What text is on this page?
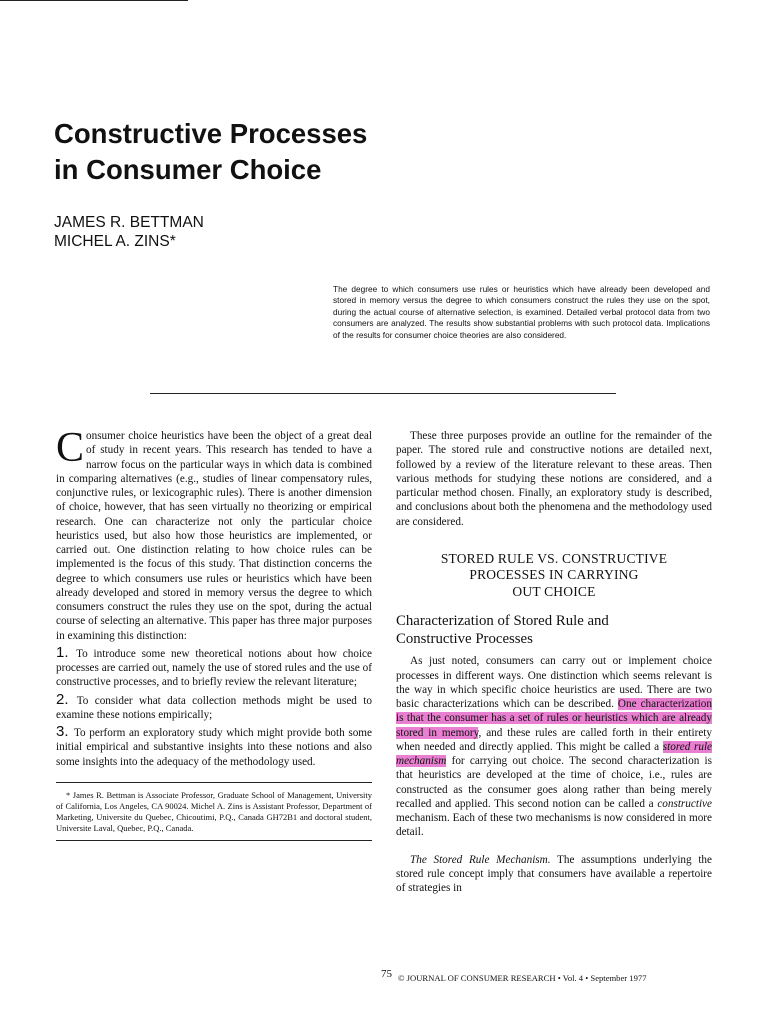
Constructive Processes
in Consumer Choice
JAMES R. BETTMAN
MICHEL A. ZINS*

The degree to which consumers use rules or heuristics which have already been developed and stored in memory versus the degree to which consumers construct the rules they use on the spot, during the actual course of alternative selection, is examined. Detailed verbal protocol data from two consumers are analyzed. The results show substantial problems with such protocol data. Implications of the results for consumer choice theories are also considered.

Consumer choice heuristics have been the object of a great deal of study in recent years. This research has tended to have a narrow focus on the particular ways in which data is combined in comparing alternatives (e.g., studies of linear compensatory rules, conjunctive rules, or lexicographic rules). There is another dimension of choice, however, that has seen virtually no theorizing or empirical research. One can characterize not only the particular choice heuristics used, but also how those heuristics are implemented, or carried out. One distinction relating to how choice rules can be implemented is the focus of this study. That distinction concerns the degree to which consumers use rules or heuristics which have been already developed and stored in memory versus the degree to which consumers construct the rules they use on the spot, during the actual course of selecting an alternative. This paper has three major purposes in examining this distinction:

1. To introduce some new theoretical notions about how choice processes are carried out, namely the use of stored rules and the use of constructive processes, and to briefly review the relevant literature;

2. To consider what data collection methods might be used to examine these notions empirically;

3. To perform an exploratory study which might provide both some initial empirical and substantive insights into these notions and also some insights into the adequacy of the methodology used.

* James R. Bettman is Associate Professor, Graduate School of Management, University of California, Los Angeles, CA 90024. Michel A. Zins is Assistant Professor, Department of Marketing, Universite du Quebec, Chicoutimi, P.Q., Canada GH72B1 and doctoral student, Universite Laval, Quebec, P.Q., Canada.

These three purposes provide an outline for the remainder of the paper. The stored rule and constructive notions are detailed next, followed by a review of the literature relevant to these areas. Then various methods for studying these notions are considered, and a particular method chosen. Finally, an exploratory study is described, and conclusions about both the phenomena and the methodology used are considered.

STORED RULE VS. CONSTRUCTIVE
PROCESSES IN CARRYING
OUT CHOICE

Characterization of Stored Rule and
Constructive Processes

As just noted, consumers can carry out or implement choice processes in different ways. One distinction which seems relevant is the way in which specific choice heuristics are used. There are two basic characterizations which can be described. One characterization is that the consumer has a set of rules or heuristics which are already stored in memory, and these rules are called forth in their entirety when needed and directly applied. This might be called a stored rule mechanism for carrying out choice. The second characterization is that heuristics are developed at the time of choice, i.e., rules are constructed as the consumer goes along rather than being merely recalled and applied. This second notion can be called a constructive mechanism. Each of these two mechanisms is now considered in more detail.

The Stored Rule Mechanism. The assumptions underlying the stored rule concept imply that consumers have available a repertoire of strategies in

75 © JOURNAL OF CONSUMER RESEARCH • Vol. 4 • September 1977
